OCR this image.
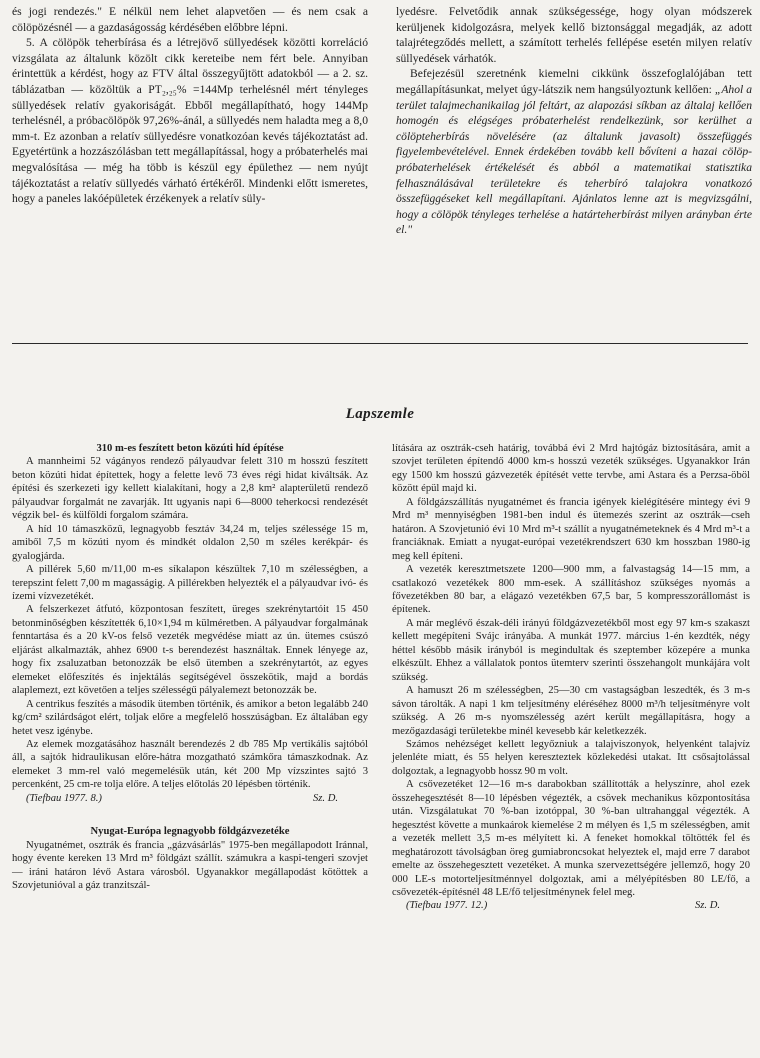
és jogi rendezés." E nélkül nem lehet alapvetően — és nem csak a cölöpözésnél — a gazdaságosság kérdésében előbbre lépni.

5. A cölöpök teherbírása és a létrejövő süllyedések közötti korreláció vizsgálata az általunk közölt cikk kereteibe nem fért bele. Annyiban érintettük a kérdést, hogy az FTV által összegyűjtött adatokból — a 2. sz. táblázatban — közöltük a PT₂,₂₅% =144Mp terhelésnél mért tényleges süllyedések relatív gyakoriságát. Ebből megállapítható, hogy 144Mp terhelésnél, a próbacölöpök 97,26%-ánál, a süllyedés nem haladta meg a 8,0 mm-t. Ez azonban a relatív süllyedésre vonatkozóan kevés tájékoztatást ad. Egyetértünk a hozzászólásban tett megállapítással, hogy a próbaterhelés mai megvalósítása — még ha több is készül egy épülethez — nem nyújt tájékoztatást a relatív süllyedés várható értékéről. Mindenki előtt ismeretes, hogy a paneles lakóépületek érzékenyek a relatív süly-

lyedésre. Felvetődik annak szükségessége, hogy olyan módszerek kerüljenek kidolgozásra, melyek kellő biztonsággal megadják, az adott talajrétegződés mellett, a számított terhelés fellépése esetén milyen relatív süllyedések várhatók.

Befejezésül szeretnénk kiemelni cikkünk összefoglalójában tett megállapításunkat, melyet úgy-látszik nem hangsúlyoztunk kellően: „Ahol a terület talajmechanikailag jól feltárt, az alapozási síkban az általaj kellően homogén és elégséges próbaterhelést rendelkezünk, sor kerülhet a cölöpteherbírás növelésére (az általunk javasolt) összefüggés figyelembevételével. Ennek érdekében tovább kell bővíteni a hazai cölöp-próbaterhelések értékelését és abból a matematikai statisztika felhasználásával területekre és teherbíró talajokra vonatkozó összefüggéseket kell megállapítani. Ajánlatos lenne azt is megvizsgálni, hogy a cölöpök tényleges terhelése a határteherbírást milyen arányban érte el."

Lapszemle

310 m-es feszített beton közúti híd építése

A mannheimi 52 vágányos rendező pályaudvar felett 310 m hosszú feszített beton közúti hidat építettek, hogy a felette levő 73 éves régi hidat kiváltsák. Az építési és szerkezeti igy kellett kialakítani, hogy a 2,8 km² alapterületű rendező pályaudvar forgalmát ne zavarják. Itt ugyanis napi 6—8000 teherkocsi rendezését végzik bel- és külföldi forgalom számára.

A híd 10 támaszközű, legnagyobb fesztáv 34,24 m, teljes szélessége 15 m, amiből 7,5 m közúti nyom és mindkét oldalon 2,50 m széles kerékpár- és gyalogjárda.

A pillérek 5,60 m/11,00 m-es síkalapon készültek 7,10 m szélességben, a terepszint felett 7,00 m magasságig. A pillérekben helyezték el a pályaudvar ivó- és ízemi vízvezetékét.

A felszerkezet átfutó, központosan feszített, üreges szekrénytartóit 15 450 betonminőségben készítették 6,10×1,94 m külméretben. A pályaudvar forgalmának fenntartása és a 20 kV-os felső vezeték megvédése miatt az ún. ütemes csúszó eljárást alkalmazták, ahhez 6900 t-s berendezést használtak. Ennek lényege az, hogy fix zsaluzatban betonozzák be első ütemben a szekrénytartót, az egyes elemeket előfeszítés és injektálás segítségével összekötik, majd a bordás alaplemezt, ezt követően a teljes szélességű pályalemezt betonozzák be.

A centrikus feszítés a második ütemben történik, és amikor a beton legalább 240 kg/cm² szilárdságot elért, toljak előre a megfelelő hosszúságban. Ez általában egy hetet vesz igénybe.

Az elemek mozgatásához használt berendezés 2 db 785 Mp vertikális sajtóból áll, a sajtók hidraulikusan előre-hátra mozgatható számkőra támaszkodnak. Az elemeket 3 mm-rel való megemelésük után, két 200 Mp vízszintes sajtó 3 percenként, 25 cm-re tolja előre. A teljes előtolás 20 lépésben történik.

(Tiefbau 1977. 8.)	Sz. D.

Nyugat-Európa legnagyobb földgázvezetéke

Nyugatnémet, osztrák és francia „gázvásárlás" 1975-ben megállapodott Iránnal, hogy évente kereken 13 Mrd m³ földgázt szállít. számukra a kaspi-tengeri szovjet — iráni határon lévő Astara városból. Ugyanakkor megállapodást kötöttek a Szovjetunióval a gáz tranzitszál-

lítására az osztrák-cseh határig, továbbá évi 2 Mrd hajtógáz biztosítására, amit a szovjet területen építendő 4000 km-s hosszú vezeték szükséges. Ugyanakkor Irán egy 1500 km hosszú gázvezeték építését vette tervbe, ami Astara és a Perzsa-öböl között épül majd ki.

A földgázszállítás nyugatnémet és francia igények kielégítésére mintegy évi 9 Mrd m³ mennyiségben 1981-ben indul és ütemezés szerint az osztrák—cseh határon. A Szovjetunió évi 10 Mrd m³-t szállít a nyugatnémeteknek és 4 Mrd m³-t a franciáknak. Emiatt a nyugat-európai vezetékrendszert 630 km hosszban 1980-ig meg kell építeni.

A vezeték keresztmetszete 1200—900 mm, a falvastagság 14—15 mm, a csatlakozó vezetékek 800 mm-esek. A szállításhoz szükséges nyomás a fővezetékben 80 bar, a elágazó vezetékben 67,5 bar, 5 kompresszorállomást is építenek.

A már meglévő észak-déli irányú földgázvezetékből most egy 97 km-s szakaszt kellett megépíteni Svájc irányába. A munkát 1977. március 1-én kezdték, négy héttel később másik irányból is megindultak és szeptember közepére a munka elkészült. Ehhez a vállalatok pontos ütemterv szerinti összehangolt munkájára volt szükség.

A hamuszt 26 m szélességben, 25—30 cm vastagságban leszedték, és 3 m-s sávon tárolták. A napi 1 km teljesítmény eléréséhez 8000 m³/h teljesítményre volt szükség. A 26 m-s nyomszélesség azért került megállapításra, hogy a mezőgazdasági területekbe minél kevesebb kár keletkezzék.

Számos nehézséget kellett legyőzniuk a talajviszonyok, helyenként talajvíz jelenléte miatt, és 55 helyen kereszteztek közlekedési utakat. Itt csősajtolással dolgoztak, a legnagyobb hossz 90 m volt.

A csővezetéket 12—16 m-s darabokban szállították a helyszínre, ahol ezek összehegesztését 8—10 lépésben végezték, a csövek mechanikus központosítása után. Vizsgálatukat 70 %-ban izotóppal, 30 %-ban ultrahanggal végezték. A hegesztést követte a munkaárok kiemelése 2 m mélyen és 1,5 m szélességben, amit a vezeték mellett 3,5 m-es mélyített ki. A feneket homokkal töltötték fel és meghatározott távolságban öreg gumiabroncsokat helyeztek el, majd erre 7 darabot emelte az összehegesztett vezetéket. A munka szervezettségére jellemző, hogy 20 000 LE-s motorteljesítménnyel dolgoztak, ami a mélyépítésben 80 LE/fő, a csővezeték-építésnél 48 LE/fő teljesítménynek felel meg.

(Tiefbau 1977. 12.)	Sz. D.
